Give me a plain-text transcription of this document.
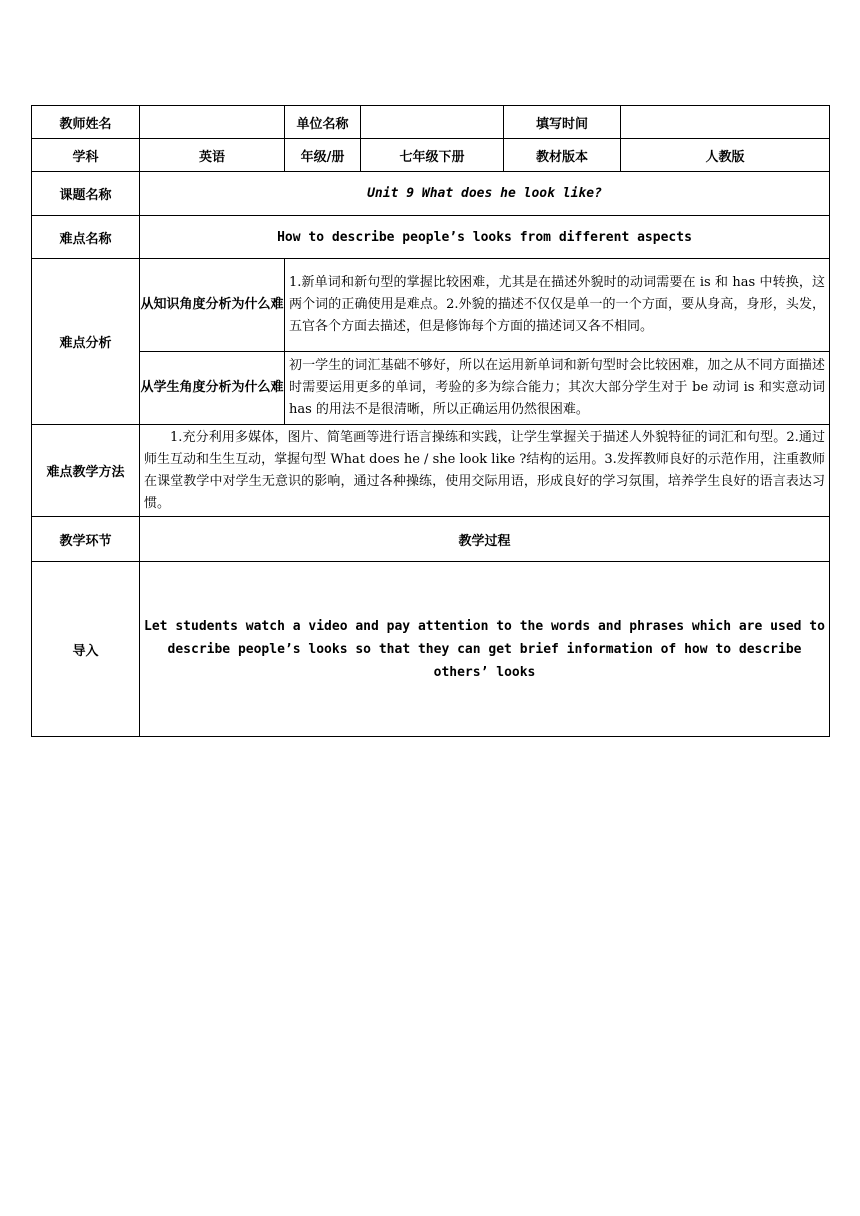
教师姓名		单位名称		填写时间	
学科	英语	年级/册	七年级下册	教材版本	人教版
课题名称	Unit 9 What does he look like?				
难点名称	How to describe people’s looks from different aspects				
难点分析	从知识角度分析为什么难	1.新单词和新句型的掌握比较困难，尤其是在描述外貌时的动词需要在 is 和 has 中转换，这两个词的正确使用是难点。2.外貌的描述不仅仅是单一的一个方面，要从身高，身形，头发，五官各个方面去描述，但是修饰每个方面的描述词又各不相同。			
	从学生角度分析为什么难	初一学生的词汇基础不够好，所以在运用新单词和新句型时会比较困难，加之从不同方面描述时需要运用更多的单词，考验的多为综合能力；其次大部分学生对于 be 动词 is 和实意动词 has 的用法不是很清晰，所以正确运用仍然很困难。			
难点教学方法	1.充分利用多媒体，图片、简笔画等进行语言操练和实践，让学生掌握关于描述人外貌特征的词汇和句型。2.通过师生互动和生生互动，掌握句型 What does he / she look like ?结构的运用。3.发挥教师良好的示范作用，注重教师在课堂教学中对学生无意识的影响，通过各种操练，使用交际用语，形成良好的学习氛围，培养学生良好的语言表达习惯。				
教学环节	教学过程				
导入	Let students watch a video and pay attention to the words and phrases which are used to describe people’s looks so that they can get brief information of how to describe others’ looks				
